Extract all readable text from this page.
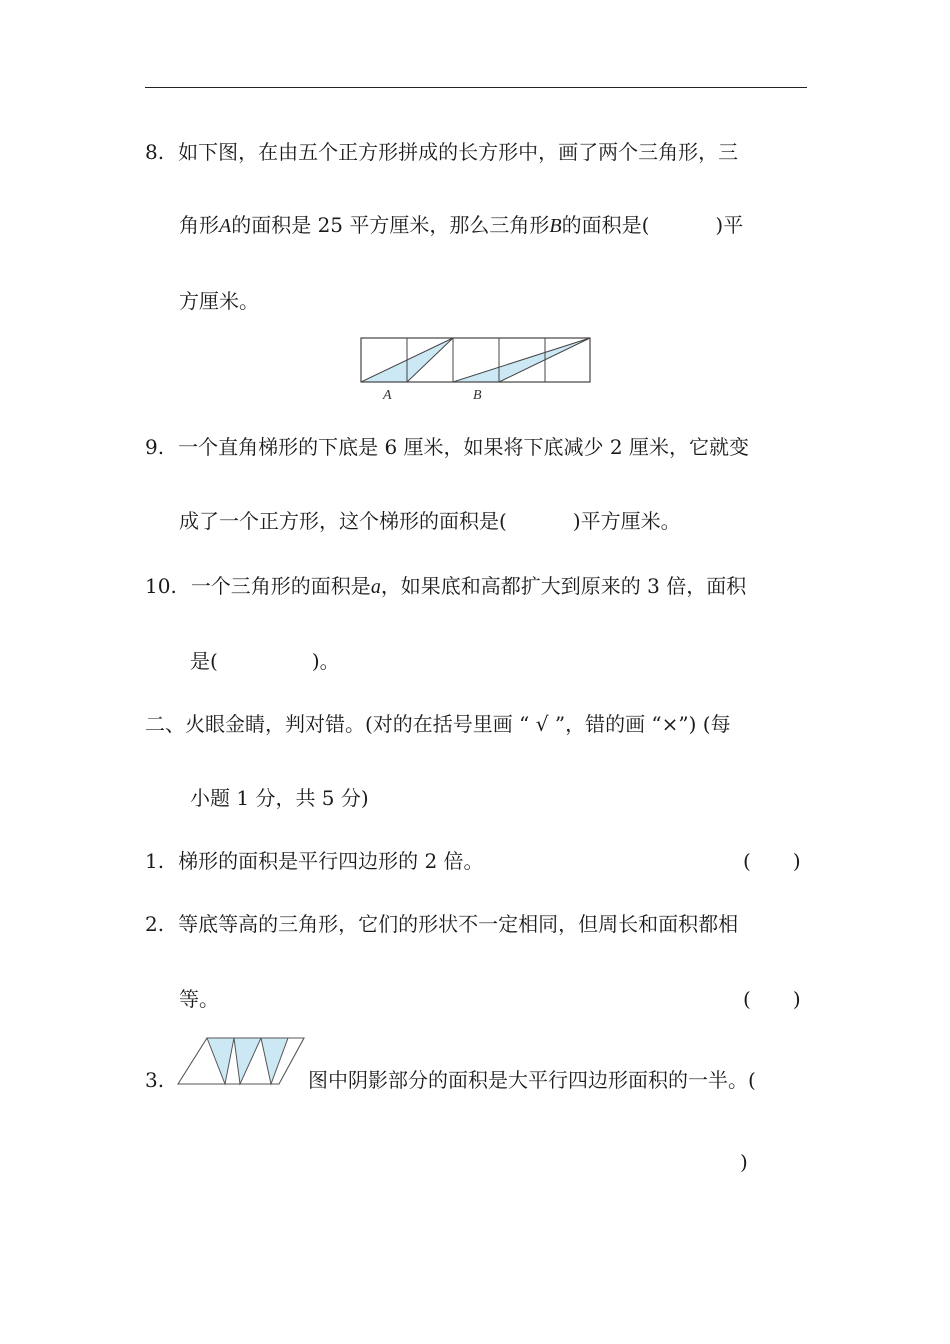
8. 如下图，在由五个正方形拼成的长方形中，画了两个三角形，三
角形A的面积是 25 平方厘米，那么三角形B的面积是(	)平
方厘米。
A	B
9. 一个直角梯形的下底是 6 厘米，如果将下底减少 2 厘米，它就变
成了一个正方形，这个梯形的面积是(	)平方厘米。
10. 一个三角形的面积是a，如果底和高都扩大到原来的 3 倍，面积
是(	)。
二、火眼金睛，判对错。(对的在括号里画 “ √ ”，错的画 “×”) (每
小题 1 分，共 5 分)
1. 梯形的面积是平行四边形的 2 倍。	( )
2. 等底等高的三角形，它们的形状不一定相同，但周长和面积都相
等。	( )
3.	图中阴影部分的面积是大平行四边形面积的一半。(
)
